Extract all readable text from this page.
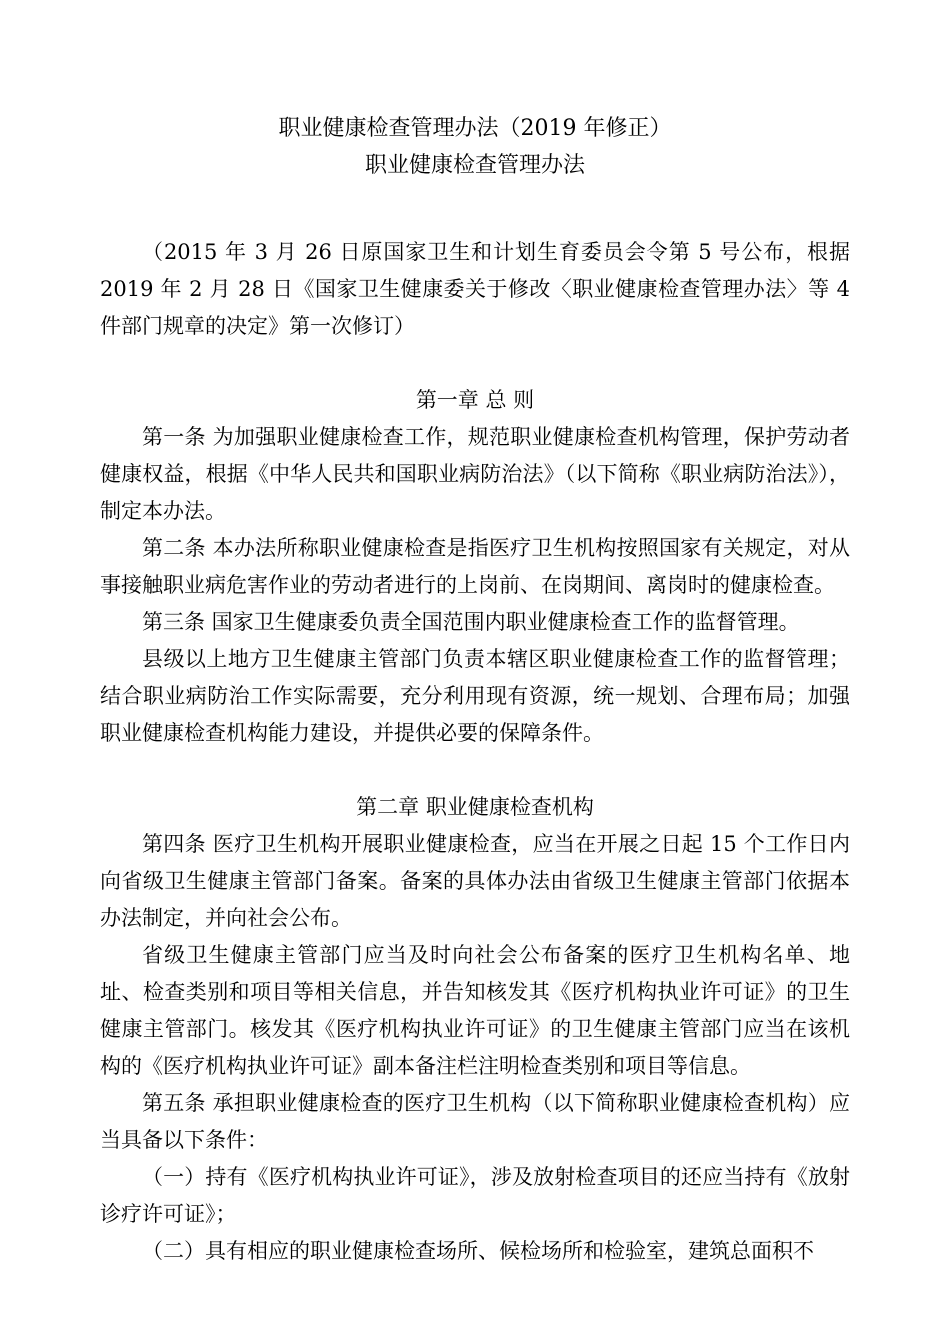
职业健康检查管理办法（2019 年修正）
职业健康检查管理办法

（2015 年 3 月 26 日原国家卫生和计划生育委员会令第 5 号公布，根据 2019 年 2 月 28 日《国家卫生健康委关于修改〈职业健康检查管理办法〉等 4 件部门规章的决定》第一次修订）

第一章 总 则

第一条 为加强职业健康检查工作，规范职业健康检查机构管理，保护劳动者健康权益，根据《中华人民共和国职业病防治法》（以下简称《职业病防治法》），制定本办法。

第二条 本办法所称职业健康检查是指医疗卫生机构按照国家有关规定，对从事接触职业病危害作业的劳动者进行的上岗前、在岗期间、离岗时的健康检查。

第三条 国家卫生健康委负责全国范围内职业健康检查工作的监督管理。

县级以上地方卫生健康主管部门负责本辖区职业健康检查工作的监督管理；结合职业病防治工作实际需要，充分利用现有资源，统一规划、合理布局；加强职业健康检查机构能力建设，并提供必要的保障条件。

第二章 职业健康检查机构

第四条 医疗卫生机构开展职业健康检查，应当在开展之日起 15 个工作日内向省级卫生健康主管部门备案。备案的具体办法由省级卫生健康主管部门依据本办法制定，并向社会公布。

省级卫生健康主管部门应当及时向社会公布备案的医疗卫生机构名单、地址、检查类别和项目等相关信息，并告知核发其《医疗机构执业许可证》的卫生健康主管部门。核发其《医疗机构执业许可证》的卫生健康主管部门应当在该机构的《医疗机构执业许可证》副本备注栏注明检查类别和项目等信息。

第五条 承担职业健康检查的医疗卫生机构（以下简称职业健康检查机构）应当具备以下条件：

（一）持有《医疗机构执业许可证》，涉及放射检查项目的还应当持有《放射诊疗许可证》；

（二）具有相应的职业健康检查场所、候检场所和检验室，建筑总面积不
